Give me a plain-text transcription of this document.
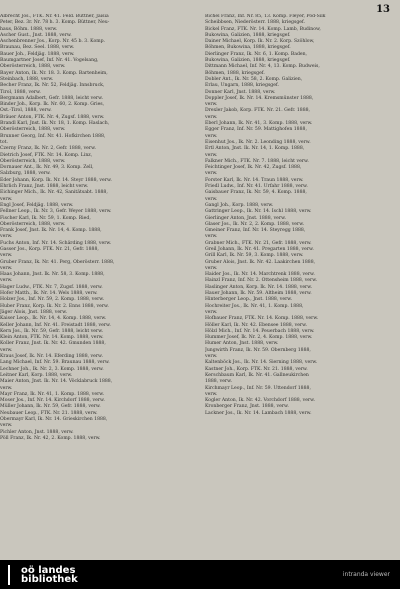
13

Albrecht Jos., FTK. Nr. 41. Feld. Büttner, Jaisia

Peter, Bez. 3r. Nr. 78 h. 3. Komp. Büttner, Neu-

haus, Böhm. 1888, verw.

Ascher Gust., Jnst. 1888, verw.

Aschenbrenner Jos., Korp. Nr. 45 b. 3. Komp.

Braunau, Bez. Seel. 1888, verw.

Bauer Joh., Feldjäg. 1888, verw.

Baumgartner Josef, Inf. Nr. 41. Vogelsang,

Oberösterreich, 1888, verw.

Bayer Anton, Ik. Nr. 18. 3. Komp. Bartenheim,

Steinbach, 1888, verw.

Becher Franz, Ik. Nr. 52, Feldjäg. Innsbruck,

Tirol, 1888, verw.

Bergmann Adalbert, Gefr. 1888, leicht verw.

Binder Joh., Korp. Ik. Nr. 60, 2. Komp. Gries,

Ost.-Tirol, 1888, verw.

Bräuer Anton, FTK. Nr. 4, Zugsf. 1888, verw.

Brandl Karl, Jnst. Ik. Nr. 18, 1. Komp. Haslach,

Oberösterreich, 1888, verw.

Brunner Georg, Inf. Nr. 41. Hofkirchen 1888,

tot.

Czerny Franz, Ik. Nr. 2, Gefr. 1888, verw.

Dietrich Josef, FTK. Nr. 14. Komp. Linz,

Oberösterreich, 1888, verw.

Dornauer Ant., Ik. Nr. 49, 3. Komp. Zell,

Salzburg, 1888, verw.

Eder Johann, Korp. Ik. Nr. 14. Steyr 1888, verw.

Ehrlich Franz, Jnst. 1888, leicht verw.

Eichinger Mich., Ik. Nr. 42, Sanitätsabt. 1888,

verw.

Engl Josef, Feldjäg. 1888, verw.

Fellner Leop., Ik. Nr. 3, Gefr. Weyer 1888, verw.

Fischer Karl, Ik. Nr. 59, 1. Komp. Ried,

Oberösterreich, 1888, verw.

Frank Josef, Jnst. Ik. Nr. 14, 4. Komp. 1888,

verw.

Fuchs Anton, Inf. Nr. 14. Schärding 1888, verw.

Gasser Jos., Korp. FTK. Nr. 21, Gefr. 1888,

verw.

Gruber Franz, Ik. Nr. 41. Perg, Oberösterr. 1888,

verw.

Haas Johann, Jnst. Ik. Nr. 58, 3. Komp. 1888,

verw.

Hager Ludw., FTK. Nr. 7, Zugsf. 1888, verw.

Hofer Matth., Ik. Nr. 14. Wels 1888, verw.

Holzer Jos., Inf. Nr. 59, 2. Komp. 1888, verw.

Huber Franz, Korp. Ik. Nr. 2. Enns 1888, verw.

Jäger Alois, Jnst. 1888, verw.

Kaiser Leop., Ik. Nr. 14, 4. Komp. 1888, verw.

Keller Johann, Inf. Nr. 41. Freistadt 1888, verw.

Kern Jos., Ik. Nr. 59, Gefr. 1888, leicht verw.

Klein Anton, FTK. Nr. 14. Komp. 1888, verw.

Koller Franz, Jnst. Ik. Nr. 42. Gmunden 1888,

verw.

Kraus Josef, Ik. Nr. 14. Eferding 1888, verw.

Lang Michael, Inf. Nr. 59. Braunau 1888, verw.

Lechner Joh., Ik. Nr. 2, 3. Komp. 1888, verw.

Leitner Karl, Korp. 1888, verw.

Maier Anton, Jnst. Ik. Nr. 14. Vöcklabruck 1888,

verw.

Mayr Franz, Ik. Nr. 41, 1. Komp. 1888, verw.

Moser Jos., Inf. Nr. 14. Kirchdorf 1888, verw.

Müller Johann, Ik. Nr. 59, Gefr. 1888, verw.

Neubauer Leop., FTK. Nr. 21. 1888, verw.

Obermayr Karl, Ik. Nr. 14. Grieskirchen 1888,

verw.

Pichler Anton, Jnst. 1888, verw.

Pöll Franz, Ik. Nr. 42, 2. Komp. 1888, verw.

Bichel Franz, Inf. Nr. 85, 13. Komp. Fleyer, Pod-Silk

Scheibbsen, Niederösterr. 1888, kriegsgef.

Bickel Franz, FTK. Nr. 14. Komp. Lamb, Budinow,

Bukowina, Galizien, 1888, kriegsgef.

Dainer Michael, Korp. Ik. Nr. 2. Korp. Szöhlow,

Böhmen, Bukowina, 1888, kriegsgef.

Dierlinger Franz, Ik. Nr. 6, 1. Komp. Baden,

Bukowina, Galizien, 1888, kriegsgef.

Dittmann Michael, Inf. Nr. 4, 13. Komp. Budweis,

Böhmen, 1888, kriegsgef.

Dobler Ant., Ik. Nr. 58, 2. Komp. Galizien,

Erlau, Ungarn, 1888, kriegsgef.

Donner Karl, Jnst. 1888, verw.

Doppler Josef, Ik. Nr. 14. Kremsmünster 1888,

verw.

Drexler Jakob, Korp. FTK. Nr. 21. Gefr. 1888,

verw.

Eberl Johann, Ik. Nr. 41, 3. Komp. 1888, verw.

Egger Franz, Inf. Nr. 59. Mattighofen 1888,

verw.

Eisenhut Jos., Ik. Nr. 2. Leonding 1888, verw.

Ertl Anton, Jnst. Ik. Nr. 14, 1. Komp. 1888,

verw.

Falkner Mich., FTK. Nr. 7. 1888, leicht verw.

Feichtinger Josef, Ik. Nr. 42, Zugsf. 1888,

verw.

Forster Karl, Ik. Nr. 14. Traun 1888, verw.

Friedl Ludw., Inf. Nr. 41. Urfahr 1888, verw.

Gaisbauer Franz, Ik. Nr. 59, 4. Komp. 1888,

verw.

Gangl Joh., Korp. 1888, verw.

Gattringer Leop., Ik. Nr. 14. Ischl 1888, verw.

Gierlinger Anton, Jnst. 1888, verw.

Glaser Jos., Ik. Nr. 2, 2. Komp. 1888, verw.

Gmeiner Franz, Inf. Nr. 14. Steyregg 1888,

verw.

Grabner Mich., FTK. Nr. 21, Gefr. 1888, verw.

Greil Johann, Ik. Nr. 41. Pregarten 1888, verw.

Grill Karl, Ik. Nr. 59, 3. Komp. 1888, verw.

Gruber Alois, Jnst. Ik. Nr. 42. Laakirchen 1888,

verw.

Haider Jos., Ik. Nr. 14. Marchtrenk 1888, verw.

Hainzl Franz, Inf. Nr. 2. Ottensheim 1888, verw.

Haslinger Anton, Korp. Ik. Nr. 14. 1888, verw.

Hauer Johann, Ik. Nr. 59. Altheim 1888, verw.

Hinterberger Leop., Jnst. 1888, verw.

Hochreiter Jos., Ik. Nr. 41, 1. Komp. 1888,

verw.

Hofbauer Franz, FTK. Nr. 14. Komp. 1888, verw.

Höller Karl, Ik. Nr. 42. Ebensee 1888, verw.

Hölzl Mich., Inf. Nr. 14. Peuerbach 1888, verw.

Hummer Josef, Ik. Nr. 2, 4. Komp. 1888, verw.

Humer Anton, Jnst. 1888, verw.

Jungwirth Franz, Ik. Nr. 59. Obernberg 1888,

verw.

Kaltenböck Jos., Ik. Nr. 14. Sierning 1888, verw.

Kastner Joh., Korp. FTK. Nr. 21. 1888, verw.

Kerschbaum Karl, Ik. Nr. 41. Gallneukirchen

1888, verw.

Kirchmayr Leop., Inf. Nr. 59. Uttendorf 1888,

verw.

Kogler Anton, Ik. Nr. 42. Vorchdorf 1888, verw.

Kronberger Franz, Jnst. 1888, verw.

Lackner Jos., Ik. Nr. 14. Lambach 1888, verw.

oö landes
bibliothek	intranda viewer
